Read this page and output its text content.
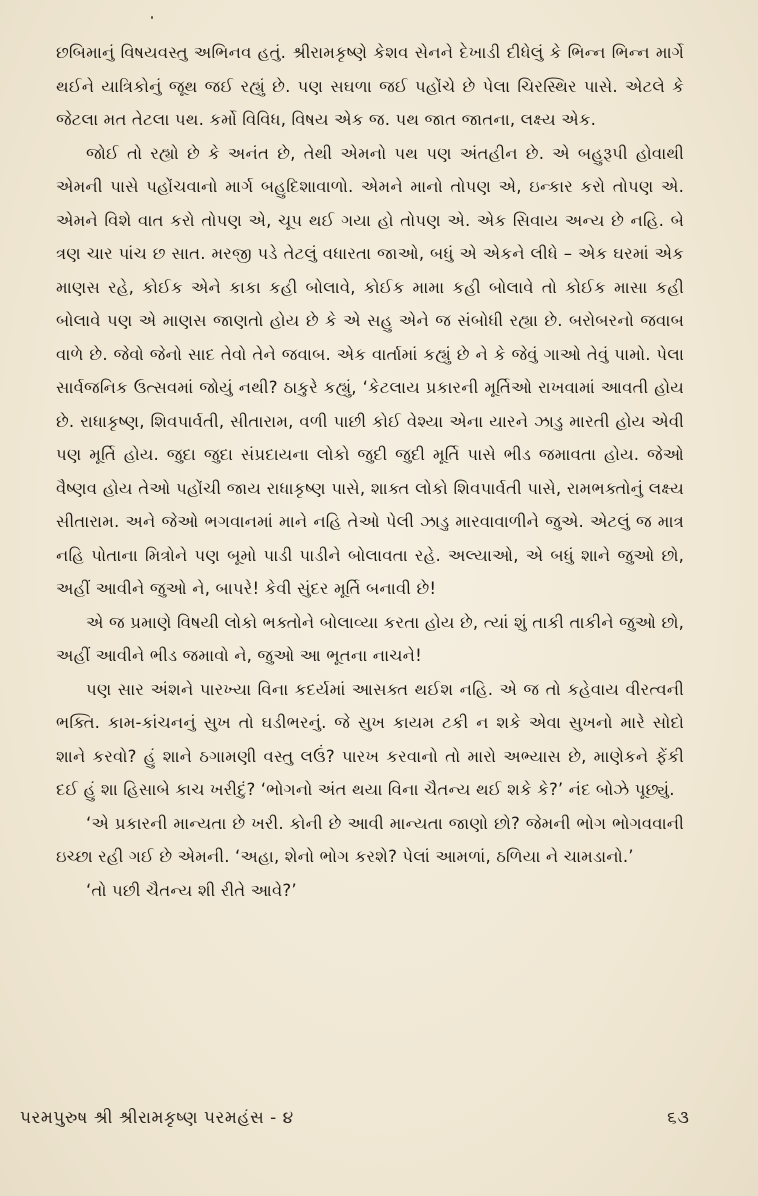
છબિમાનું વિષયવસ્તુ અભિનવ હતું. શ્રીરામકૃષ્ણે કેશવ સેનને દેખાડી દીધેલું કે ભિન્ન ભિન્ન માર્ગે થઈને યાત્રિકોનું જૂથ જઈ રહ્યું છે. પણ સઘળા જઈ પહોંચે છે પેલા ચિરસ્થિર પાસે. એટલે કે જેટલા મત તેટલા પથ. કર્મો વિવિધ, વિષય એક જ. પથ જાત જાતના, લક્ષ્ય એક.

જોઈ તો રહ્યો છે કે અનંત છે, તેથી એમનો પથ પણ અંતહીન છે. એ બહુરૂપી હોવાથી એમની પાસે પહોંચવાનો માર્ગ બહુદિશાવાળો. એમને માનો તોપણ એ, ઇન્કાર કરો તોપણ એ. એમને વિશે વાત કરો તોપણ એ, ચૂપ થઈ ગયા હો તોપણ એ. એક સિવાય અન્ય છે નહિ. બે ત્રણ ચાર પાંચ છ સાત. મરજી પડે તેટલું વધારતા જાઓ, બધું એ એકને લીધે – એક ઘરમાં એક માણસ રહે, કોઈક એને કાકા કહી બોલાવે, કોઈક મામા કહી બોલાવે તો કોઈક માસા કહી બોલાવે પણ એ માણસ જાણતો હોય છે કે એ સહુ એને જ સંબોધી રહ્યા છે. બરોબરનો જવાબ વાળે છે. જેવો જેનો સાદ તેવો તેને જવાબ. એક વાર્તામાં કહ્યું છે ને કે જેવું ગાઓ તેવું પામો. પેલા સાર્વજનિક ઉત્સવમાં જોયું નથી? ઠાકુરે કહ્યું, ‘કેટલાય પ્રકારની મૂર્તિઓ રાખવામાં આવતી હોય છે. રાધાકૃષ્ણ, શિવપાર્વતી, સીતારામ, વળી પાછી કોઈ વેશ્યા એના યારને ઝાડુ મારતી હોય એવી પણ મૂર્તિ હોય. જુદા જુદા સંપ્રદાયના લોકો જુદી જુદી મૂર્તિ પાસે ભીડ જમાવતા હોય. જેઓ વૈષ્ણવ હોય તેઓ પહોંચી જાય રાધાકૃષ્ણ પાસે, શાક્ત લોકો શિવપાર્વતી પાસે, રામભક્તોનું લક્ષ્ય સીતારામ. અને જેઓ ભગવાનમાં માને નહિ તેઓ પેલી ઝાડુ મારવાવાળીને જુએ. એટલું જ માત્ર નહિ પોતાના મિત્રોને પણ બૂમો પાડી પાડીને બોલાવતા રહે. અલ્યાઓ, એ બધું શાને જુઓ છો, અહીં આવીને જુઓ ને, બાપરે! કેવી સુંદર મૂર્તિ બનાવી છે!

એ જ પ્રમાણે વિષયી લોકો ભક્તોને બોલાવ્યા કરતા હોય છે, ત્યાં શું તાકી તાકીને જુઓ છો, અહીં આવીને ભીડ જમાવો ને, જુઓ આ ભૂતના નાચને!

પણ સાર અંશને પારખ્યા વિના કદર્યમાં આસક્ત થઈશ નહિ. એ જ તો કહેવાય વીરત્વની ભક્તિ. કામ-કાંચનનું સુખ તો ઘડીભરનું. જે સુખ કાયમ ટકી ન શકે એવા સુખનો મારે સોદો શાને કરવો? હું શાને ઠગામણી વસ્તુ લઉં? પારખ કરવાનો તો મારો અભ્યાસ છે, માણેકને ફેંકી દઈ હું શા હિસાબે કાચ ખરીદું? ‘ભોગનો અંત થયા વિના ચૈતન્ય થઈ શકે કે?’ નંદ બોઝે પૂછ્યું.

‘એ પ્રકારની માન્યતા છે ખરી. કોની છે આવી માન્યતા જાણો છો? જેમની ભોગ ભોગવવાની ઇચ્છા રહી ગઈ છે એમની. ‘અહા, શેનો ભોગ કરશે? પેલાં આમળાં, ઠળિયા ને ચામડાનો.’

‘તો પછી ચૈતન્ય શી રીતે આવે?’

પરમપુરુષ શ્રી શ્રીરામકૃષ્ણ પરમહંસ - ૪	૬૩
